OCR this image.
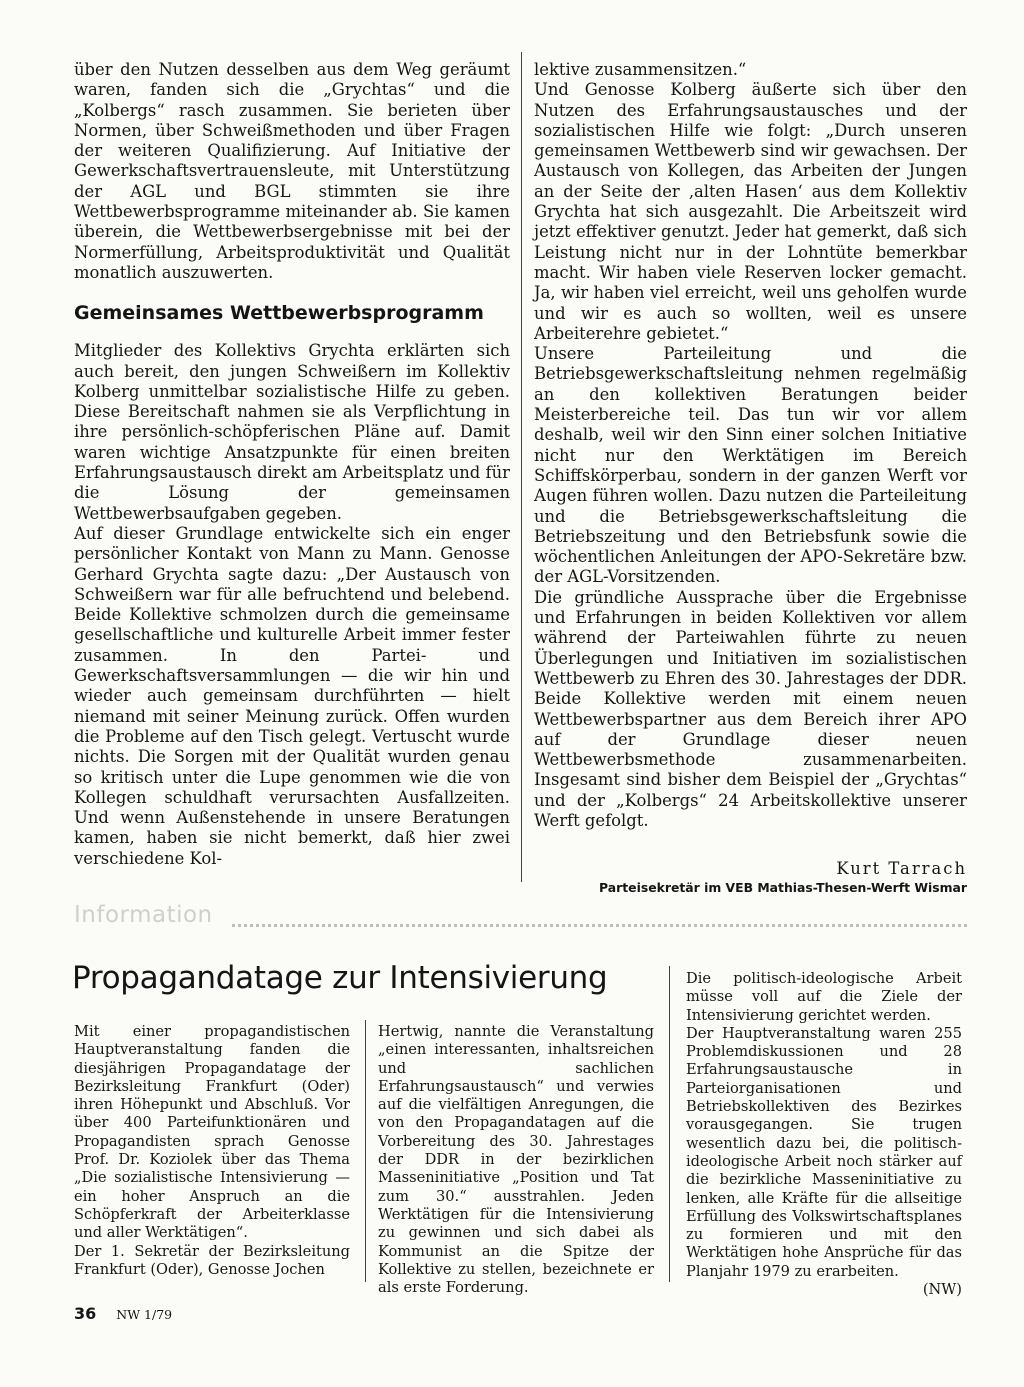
über den Nutzen desselben aus dem Weg geräumt waren, fanden sich die „Grychtas“ und die „Kolbergs“ rasch zusammen. Sie berieten über Normen, über Schweißmethoden und über Fragen der weiteren Qualifizierung. Auf Initiative der Gewerkschaftsvertrauensleute, mit Unterstützung der AGL und BGL stimmten sie ihre Wettbewerbsprogramme miteinander ab. Sie kamen überein, die Wettbewerbsergebnisse mit bei der Normerfüllung, Arbeitsproduktivität und Qualität monatlich auszuwerten.

Gemeinsames Wettbewerbsprogramm

Mitglieder des Kollektivs Grychta erklärten sich auch bereit, den jungen Schweißern im Kollektiv Kolberg unmittelbar sozialistische Hilfe zu geben. Diese Bereitschaft nahmen sie als Verpflichtung in ihre persönlich-schöpferischen Pläne auf. Damit waren wichtige Ansatzpunkte für einen breiten Erfahrungsaustausch direkt am Arbeitsplatz und für die Lösung der gemeinsamen Wettbewerbsaufgaben gegeben.

Auf dieser Grundlage entwickelte sich ein enger persönlicher Kontakt von Mann zu Mann. Genosse Gerhard Grychta sagte dazu: „Der Austausch von Schweißern war für alle befruchtend und belebend. Beide Kollektive schmolzen durch die gemeinsame gesellschaftliche und kulturelle Arbeit immer fester zusammen. In den Partei- und Gewerkschaftsversammlungen — die wir hin und wieder auch gemeinsam durchführten — hielt niemand mit seiner Meinung zurück. Offen wurden die Probleme auf den Tisch gelegt. Vertuscht wurde nichts. Die Sorgen mit der Qualität wurden genau so kritisch unter die Lupe genommen wie die von Kollegen schuldhaft verursachten Ausfallzeiten. Und wenn Außenstehende in unsere Beratungen kamen, haben sie nicht bemerkt, daß hier zwei verschiedene Kol-

lektive zusammensitzen.“

Und Genosse Kolberg äußerte sich über den Nutzen des Erfahrungsaustausches und der sozialistischen Hilfe wie folgt: „Durch unseren gemeinsamen Wettbewerb sind wir gewachsen. Der Austausch von Kollegen, das Arbeiten der Jungen an der Seite der ‚alten Hasen‘ aus dem Kollektiv Grychta hat sich ausgezahlt. Die Arbeitszeit wird jetzt effektiver genutzt. Jeder hat gemerkt, daß sich Leistung nicht nur in der Lohntüte bemerkbar macht. Wir haben viele Reserven locker gemacht. Ja, wir haben viel erreicht, weil uns geholfen wurde und wir es auch so wollten, weil es unsere Arbeiterehre gebietet.“

Unsere Parteileitung und die Betriebsgewerkschaftsleitung nehmen regelmäßig an den kollektiven Beratungen beider Meisterbereiche teil. Das tun wir vor allem deshalb, weil wir den Sinn einer solchen Initiative nicht nur den Werktätigen im Bereich Schiffskörperbau, sondern in der ganzen Werft vor Augen führen wollen. Dazu nutzen die Parteileitung und die Betriebsgewerkschaftsleitung die Betriebszeitung und den Betriebsfunk sowie die wöchentlichen Anleitungen der APO-Sekretäre bzw. der AGL-Vorsitzenden.

Die gründliche Aussprache über die Ergebnisse und Erfahrungen in beiden Kollektiven vor allem während der Parteiwahlen führte zu neuen Überlegungen und Initiativen im sozialistischen Wettbewerb zu Ehren des 30. Jahrestages der DDR. Beide Kollektive werden mit einem neuen Wettbewerbspartner aus dem Bereich ihrer APO auf der Grundlage dieser neuen Wettbewerbsmethode zusammenarbeiten. Insgesamt sind bisher dem Beispiel der „Grychtas“ und der „Kolbergs“ 24 Arbeitskollektive unserer Werft gefolgt.

Kurt Tarrach
Parteisekretär im VEB Mathias-Thesen-Werft Wismar
Information
Propagandatage zur Intensivierung

Mit einer propagandistischen Hauptveranstaltung fanden die diesjährigen Propagandatage der Bezirksleitung Frankfurt (Oder) ihren Höhepunkt und Abschluß. Vor über 400 Parteifunktionären und Propagandisten sprach Genosse Prof. Dr. Koziolek über das Thema „Die sozialistische Intensivierung — ein hoher Anspruch an die Schöpferkraft der Arbeiterklasse und aller Werktätigen“.

Der 1. Sekretär der Bezirksleitung Frankfurt (Oder), Genosse Jochen

Hertwig, nannte die Veranstaltung „einen interessanten, inhaltsreichen und sachlichen Erfahrungsaustausch“ und verwies auf die vielfältigen Anregungen, die von den Propagandatagen auf die Vorbereitung des 30. Jahrestages der DDR in der bezirklichen Masseninitiative „Position und Tat zum 30.“ ausstrahlen. Jeden Werktätigen für die Intensivierung zu gewinnen und sich dabei als Kommunist an die Spitze der Kollektive zu stellen, bezeichnete er als erste Forderung.

Die politisch-ideologische Arbeit müsse voll auf die Ziele der Intensivierung gerichtet werden.

Der Hauptveranstaltung waren 255 Problemdiskussionen und 28 Erfahrungsaustausche in Parteiorganisationen und Betriebskollektiven des Bezirkes vorausgegangen. Sie trugen wesentlich dazu bei, die politisch-ideologische Arbeit noch stärker auf die bezirkliche Masseninitiative zu lenken, alle Kräfte für die allseitige Erfüllung des Volkswirtschaftsplanes zu formieren und mit den Werktätigen hohe Ansprüche für das Planjahr 1979 zu erarbeiten.

(NW)

36 NW 1/79
